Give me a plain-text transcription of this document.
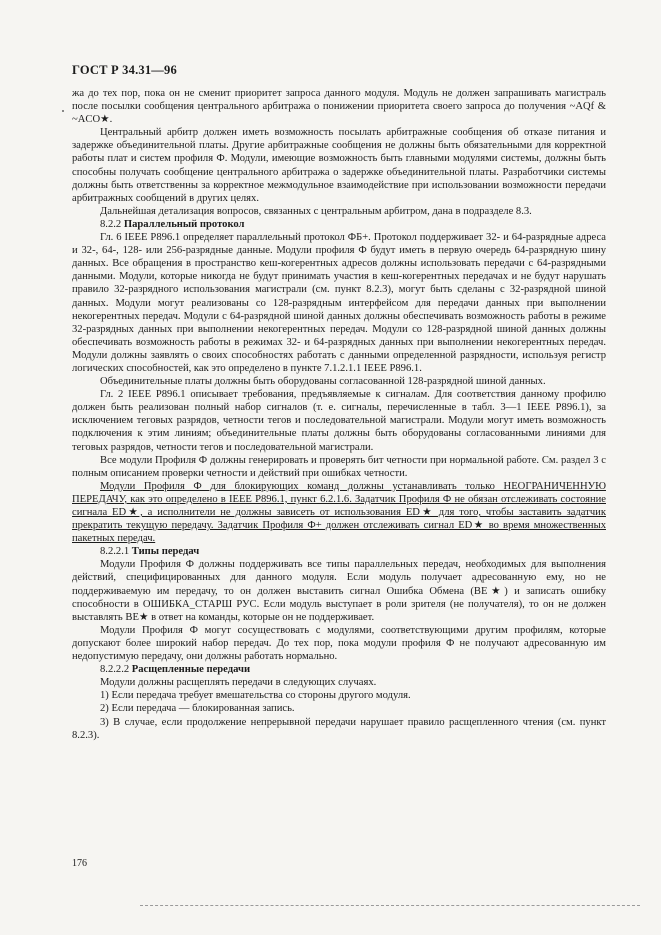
ГОСТ Р 34.31—96

жа до тех пор, пока он не сменит приоритет запроса данного модуля. Модуль не должен запрашивать магистраль после посылки сообщения центрального арбитража о понижении приоритета своего запроса до получения ~AQf & ~ACO★.

Центральный арбитр должен иметь возможность посылать арбитражные сообщения об отказе питания и задержке объединительной платы. Другие арбитражные сообщения не должны быть обязательными для корректной работы плат и систем профиля Ф. Модули, имеющие возможность быть главными модулями системы, должны быть способны получать сообщение центрального арбитража о задержке объединительной платы. Разработчики системы должны быть ответственны за корректное межмодульное взаимодействие при использовании возможности передачи арбитражных сообщений в других целях.

Дальнейшая детализация вопросов, связанных с центральным арбитром, дана в подразделе 8.3.

8.2.2 Параллельный протокол

Гл. 6 IEEE P896.1 определяет параллельный протокол ФБ+. Протокол поддерживает 32- и 64-разрядные адреса и 32-, 64-, 128- или 256-разрядные данные. Модули профиля Ф будут иметь в первую очередь 64-разрядную шину данных. Все обращения в пространство кеш-когерентных адресов должны использовать передачи с 64-разрядными данными. Модули, которые никогда не будут принимать участия в кеш-когерентных передачах и не будут нарушать правило 32-разрядного использования магистрали (см. пункт 8.2.3), могут быть сделаны с 32-разрядной шиной данных. Модули могут реализованы со 128-разрядным интерфейсом для передачи данных при выполнении некогерентных передач. Модули с 64-разрядной шиной данных должны обеспечивать возможность работы в режиме 32-разрядных данных при выполнении некогерентных передач. Модули со 128-разрядной шиной данных должны обеспечивать возможность работы в режимах 32- и 64-разрядных данных при выполнении некогерентных передач. Модули должны заявлять о своих способностях работать с данными определенной разрядности, используя регистр логических способностей, как это определено в пункте 7.1.2.1.1 IEEE P896.1.

Объединительные платы должны быть оборудованы согласованной 128-разрядной шиной данных.

Гл. 2 IEEE P896.1 описывает требования, предъявляемые к сигналам. Для соответствия данному профилю должен быть реализован полный набор сигналов (т. е. сигналы, перечисленные в табл. 3—1 IEEE P896.1), за исключением теговых разрядов, четности тегов и последовательной магистрали. Модули могут иметь возможность подключения к этим линиям; объединительные платы должны быть оборудованы согласованными линиями для теговых разрядов, четности тегов и последовательной магистрали.

Все модули Профиля Ф должны генерировать и проверять бит четности при нормальной работе. См. раздел 3 с полным описанием проверки четности и действий при ошибках четности.

Модули Профиля Ф для блокирующих команд должны устанавливать только НЕОГРАНИЧЕННУЮ ПЕРЕДАЧУ, как это определено в IEEE P896.1, пункт 6.2.1.6. Задатчик Профиля Ф не обязан отслеживать состояние сигнала ED★, а исполнители не должны зависеть от использования ED★ для того, чтобы заставить задатчик прекратить текущую передачу. Задатчик Профиля Ф+ должен отслеживать сигнал ED★ во время множественных пакетных передач.

8.2.2.1 Типы передач

Модули Профиля Ф должны поддерживать все типы параллельных передач, необходимых для выполнения действий, специфицированных для данного модуля. Если модуль получает адресованную ему, но не поддерживаемую им передачу, то он должен выставить сигнал Ошибка Обмена (BE★) и записать ошибку способности в ОШИБКА_СТАРШ РУС. Если модуль выступает в роли зрителя (не получателя), то он не должен выставлять BE★ в ответ на команды, которые он не поддерживает.

Модули Профиля Ф могут сосуществовать с модулями, соответствующими другим профилям, которые допускают более широкий набор передач. До тех пор, пока модули профиля Ф не получают адресованную им недопустимую передачу, они должны работать нормально.

8.2.2.2 Расщепленные передачи

Модули должны расщеплять передачи в следующих случаях.

1) Если передача требует вмешательства со стороны другого модуля.

2) Если передача — блокированная запись.

3) В случае, если продолжение непрерывной передачи нарушает правило расщепленного чтения (см. пункт 8.2.3).

176
